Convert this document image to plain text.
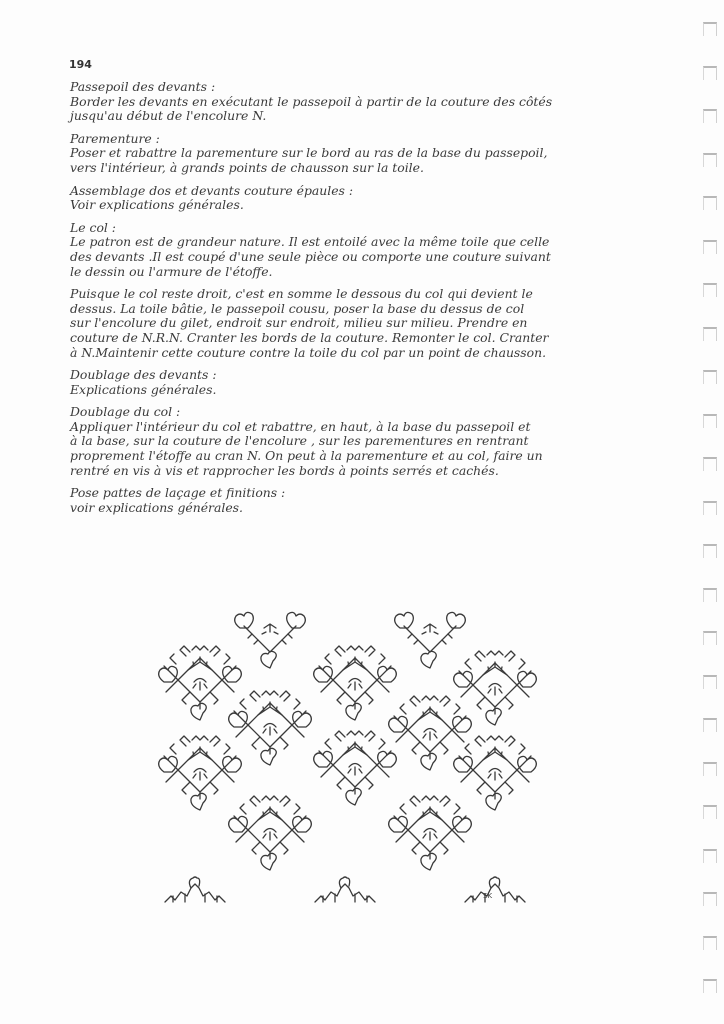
194
Passepoil des devants :
Border les devants en exécutant le passepoil à partir de la couture des côtés
jusqu'au début de l'encolure N.
Parementure :
Poser et rabattre la parementure sur le bord au ras de la base du passepoil,
vers l'intérieur, à grands points de chausson sur la toile.
Assemblage dos et devants couture épaules :
Voir explications générales.
Le col :
Le patron est de grandeur nature. Il est entoilé avec la même toile que celle
des devants .Il est coupé d'une seule pièce ou comporte une couture suivant
le dessin ou l'armure de l'étoffe.
Puisque le col reste droit, c'est en somme le dessous du col qui devient le
dessus. La toile bâtie, le passepoil cousu, poser la base du dessus de col
sur l'encolure du gilet, endroit sur endroit, milieu sur milieu. Prendre en
couture de N.R.N. Cranter les bords de la couture. Remonter le col. Cranter
à N.Maintenir cette couture contre la toile du col par un point de chausson.
Doublage des devants :
Explications générales.
Doublage du col :
Appliquer l'intérieur du col et rabattre, en haut, à la base du passepoil et
à la base, sur la couture de l'encolure , sur les parementures en rentrant
proprement l'étoffe au cran N. On peut à la parementure et au col, faire un
rentré en vis à vis et rapprocher les bords à points serrés et cachés.
Pose pattes de laçage et finitions :
voir explications générales.
SK
